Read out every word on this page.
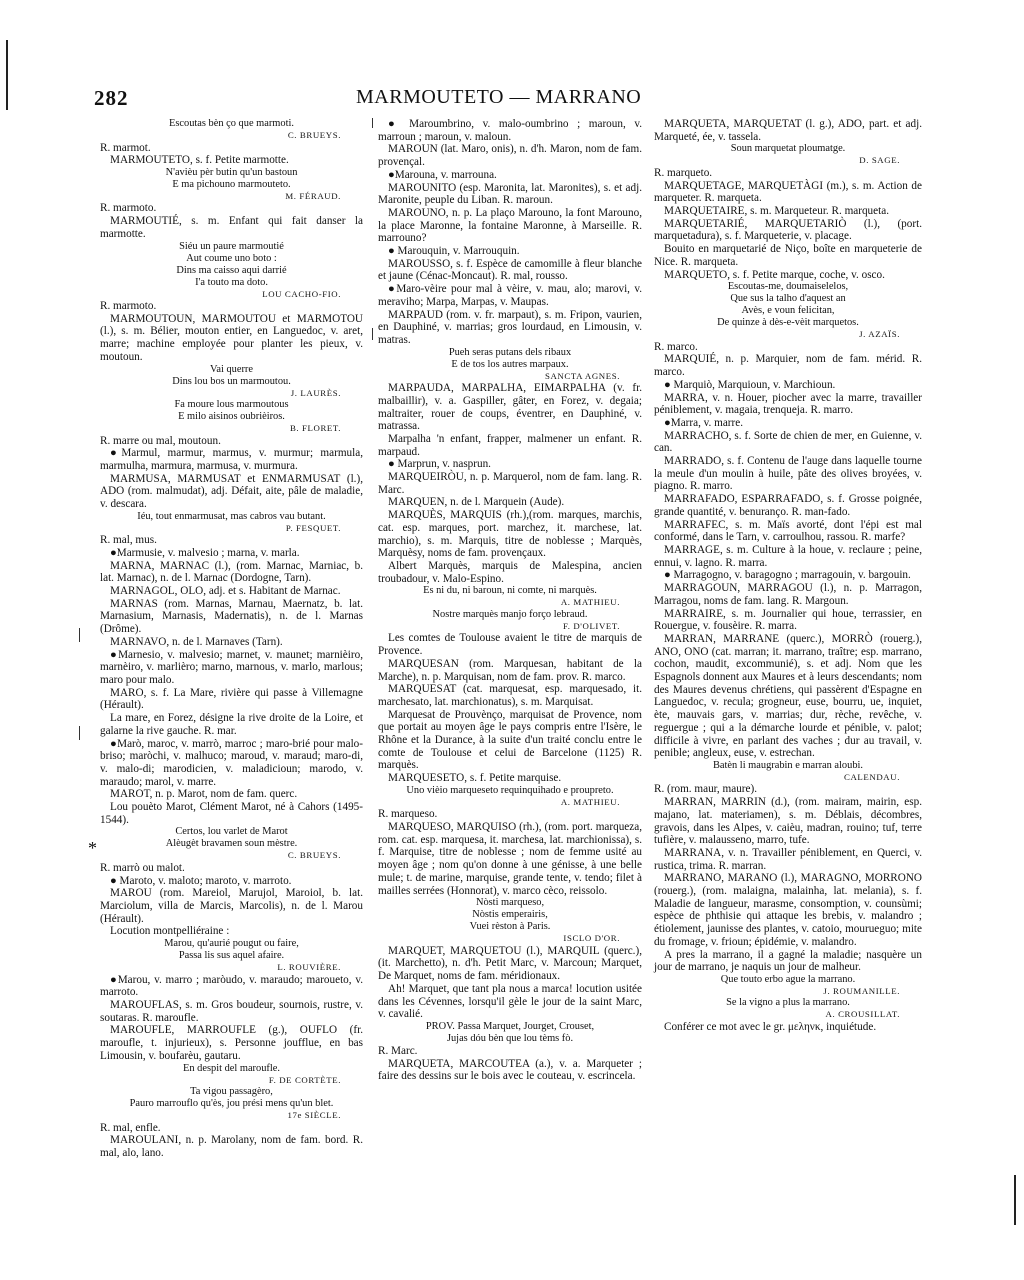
282	MARMOUTETO — MARRANO
*

Escoutas bèn ço que marmoti.

C. BRUEYS.

R. marmot.

MARMOUTETO, s. f. Petite marmotte.

N'avièu pèr butin qu'un bastoun

E ma pichouno marmouteto.

M. FÉRAUD.

R. marmoto.

MARMOUTIÉ, s. m. Enfant qui fait danser la marmotte.

Siéu un paure marmoutié

Aut coume uno boto :

Dins ma caisso aqui darrié

I'a touto ma doto.

LOU CACHO-FIO.

R. marmoto.

MARMOUTOUN, MARMOUTOU et MARMOTOU (l.), s. m. Bélier, mouton entier, en Languedoc, v. aret, marre; machine employée pour planter les pieux, v. moutoun.

Vai querre

Dins lou bos un marmoutou.

J. LAURÈS.

Fa moure lous marmoutous

E milo aisinos oubrièiros.

B. FLORET.

R. marre ou mal, moutoun.

●Marmul, marmur, marmus, v. murmur; marmula, marmulha, marmura, marmusa, v. murmura.

MARMUSA, MARMUSAT et ENMARMUSAT (l.), ADO (rom. malmudat), adj. Défait, aite, pâle de maladie, v. descara.

Iéu, tout enmarmusat, mas cabros vau butant.

P. FESQUET.

R. mal, mus.

●Marmusie, v. malvesio ; marna, v. marla.

MARNA, MARNAC (l.), (rom. Marnac, Marniac, b. lat. Marnac), n. de l. Marnac (Dordogne, Tarn).

MARNAGOL, OLO, adj. et s. Habitant de Marnac.

MARNAS (rom. Marnas, Marnau, Maernatz, b. lat. Marnasium, Marnasis, Madernatis), n. de l. Marnas (Drôme).

MARNAVO, n. de l. Marnaves (Tarn).

●Marnesio, v. malvesio; marnet, v. maunet; marnièiro, marnèiro, v. marlièro; marno, marnous, v. marlo, marlous; maro pour malo.

MARO, s. f. La Mare, rivière qui passe à Villemagne (Hérault).

La mare, en Forez, désigne la rive droite de la Loire, et galarne la rive gauche. R. mar.

●Marò, maroc, v. marrò, marroc ; maro-brié pour malo-briso; maròchi, v. malhuco; maroud, v. maraud; maro-di, v. malo-di; marodicien, v. maladicioun; marodo, v. maraudo; marol, v. marre.

MAROT, n. p. Marot, nom de fam. querc.

Lou pouèto Marot, Clément Marot, né à Cahors (1495-1544).

Certos, lou varlet de Marot

Alèugèt bravamen soun mèstre.

C. BRUEYS.

R. marrò ou malot.

● Maroto, v. maloto; maroto, v. marroto.

MAROU (rom. Mareiol, Marujol, Maroiol, b. lat. Marciolum, villa de Marcis, Marcolis), n. de l. Marou (Hérault).

Locution montpelliéraine :

Marou, qu'aurié pougut ou faire,

Passa lis sus aquel afaire.

L. ROUVIÈRE.

●Marou, v. marro ; maròudo, v. maraudo; maroueto, v. marroto.

MAROUFLAS, s. m. Gros boudeur, sournois, rustre, v. soutaras. R. maroufle.

MAROUFLE, MARROUFLE (g.), OUFLO (fr. maroufle, t. injurieux), s. Personne joufflue, en bas Limousin, v. boufarèu, gautaru.

En despit del maroufle.

F. DE CORTÈTE.

Ta vigou passagèro,

Pauro marrouflo qu'ès, jou prési mens qu'un blet.

17e SIÈCLE.

R. mal, enfle.

MAROULANI, n. p. Marolany, nom de fam. bord. R. mal, alo, lano.

● Maroumbrino, v. malo-oumbrino ; maroun, v. marroun ; maroun, v. maloun.

MAROUN (lat. Maro, onis), n. d'h. Maron, nom de fam. provençal.

●Marouna, v. marrouna.

MAROUNITO (esp. Maronita, lat. Maronites), s. et adj. Maronite, peuple du Liban. R. maroun.

MAROUNO, n. p. La plaço Marouno, la font Marouno, la place Maronne, la fontaine Maronne, à Marseille. R. marrouno?

● Marouquin, v. Marrouquin.

MAROUSSO, s. f. Espèce de camomille à fleur blanche et jaune (Cénac-Moncaut). R. mal, rousso.

●Maro-vèire pour mal à vèire, v. mau, alo; marovi, v. meraviho; Marpa, Marpas, v. Maupas.

MARPAUD (rom. v. fr. marpaut), s. m. Fripon, vaurien, en Dauphiné, v. marrias; gros lourdaud, en Limousin, v. matras.

Pueh seras putans dels ribaux

E de tos los autres marpaux.

SANCTA AGNES.

MARPAUDA, MARPALHA, EIMARPALHA (v. fr. malbaillir), v. a. Gaspiller, gâter, en Forez, v. degaia; maltraiter, rouer de coups, éventrer, en Dauphiné, v. matrassa.

Marpalha 'n enfant, frapper, malmener un enfant. R. marpaud.

● Marprun, v. nasprun.

MARQUEIRÒU, n. p. Marquerol, nom de fam. lang. R. Marc.

MARQUEN, n. de l. Marquein (Aude).

MARQUÈS, MARQUIS (rh.),(rom. marques, marchis, cat. esp. marques, port. marchez, it. marchese, lat. marchio), s. m. Marquis, titre de noblesse ; Marquès, Marquèsy, noms de fam. provençaux.

Albert Marquès, marquis de Malespina, ancien troubadour, v. Malo-Espino.

Es ni du, ni baroun, ni comte, ni marquès.

A. MATHIEU.

Nostre marquès manjo forço lebraud.

F. D'OLIVET.

Les comtes de Toulouse avaient le titre de marquis de Provence.

MARQUESAN (rom. Marquesan, habitant de la Marche), n. p. Marquisan, nom de fam. prov. R. marco.

MARQUESAT (cat. marquesat, esp. marquesado, it. marchesato, lat. marchionatus), s. m. Marquisat.

Marquesat de Prouvènço, marquisat de Provence, nom que portait au moyen âge le pays compris entre l'Isère, le Rhône et la Durance, à la suite d'un traité conclu entre le comte de Toulouse et celui de Barcelone (1125) R. marquès.

MARQUESETO, s. f. Petite marquise.

Uno vièio marqueseto requinquihado e proupreto.

A. MATHIEU.

R. marqueso.

MARQUESO, MARQUISO (rh.), (rom. port. marqueza, rom. cat. esp. marquesa, it. marchesa, lat. marchionissa), s. f. Marquise, titre de noblesse ; nom de femme usité au moyen âge ; nom qu'on donne à une génisse, à une belle mule; t. de marine, marquise, grande tente, v. tendo; filet à mailles serrées (Honnorat), v. marco cèco, reissolo.

Nòsti marqueso,

Nòstis emperairis,

Vuei rèston à Paris.

ISCLO D'OR.

MARQUET, MARQUETOU (l.), MARQUIL (querc.), (it. Marchetto), n. d'h. Petit Marc, v. Marcoun; Marquet, De Marquet, noms de fam. méridionaux.

Ah! Marquet, que tant pla nous a marca! locution usitée dans les Cévennes, lorsqu'il gèle le jour de la saint Marc, v. cavalié.

PROV. Passa Marquet, Jourget, Crouset,

Jujas dóu bèn que lou tèms fò.

R. Marc.

MARQUETA, MARCOUTEA (a.), v. a. Marqueter ; faire des dessins sur le bois avec le couteau, v. escrincela.

MARQUETA, MARQUETAT (l. g.), ADO, part. et adj. Marqueté, ée, v. tassela.

Soun marquetat ploumatge.

D. SAGE.

R. marqueto.

MARQUETAGE, MARQUETÀGI (m.), s. m. Action de marqueter. R. marqueta.

MARQUETAIRE, s. m. Marqueteur. R. marqueta.

MARQUETARIÉ, MARQUETARIÒ (l.), (port. marquetadura), s. f. Marqueterie, v. placage.

Bouito en marquetarié de Niço, boîte en marqueterie de Nice. R. marqueta.

MARQUETO, s. f. Petite marque, coche, v. osco.

Escoutas-me, doumaiselelos,

Que sus la talho d'aquest an

Avès, e voun felicitan,

De quinze à dès-e-vèit marquetos.

J. AZAÏS.

R. marco.

MARQUIÉ, n. p. Marquier, nom de fam. mérid. R. marco.

● Marquiò, Marquioun, v. Marchioun.

MARRA, v. n. Houer, piocher avec la marre, travailler péniblement, v. magaia, trenqueja. R. marro.

●Marra, v. marre.

MARRACHO, s. f. Sorte de chien de mer, en Guienne, v. can.

MARRADO, s. f. Contenu de l'auge dans laquelle tourne la meule d'un moulin à huile, pâte des olives broyées, v. piagno. R. marro.

MARRAFADO, ESPARRAFADO, s. f. Grosse poignée, grande quantité, v. benuranço. R. man-fado.

MARRAFEC, s. m. Maïs avorté, dont l'épi est mal conformé, dans le Tarn, v. carroulhou, rassou. R. marfe?

MARRAGE, s. m. Culture à la houe, v. reclaure ; peine, ennui, v. lagno. R. marra.

● Marragogno, v. baragogno ; marragouin, v. bargouin.

MARRAGOUN, MARRAGOU (l.), n. p. Marragon, Marragou, noms de fam. lang. R. Margoun.

MARRAIRE, s. m. Journalier qui houe, terrassier, en Rouergue, v. fousèire. R. marra.

MARRAN, MARRANE (querc.), MORRÒ (rouerg.), ANO, ONO (cat. marran; it. marrano, traître; esp. marrano, cochon, maudit, excommunié), s. et adj. Nom que les Espagnols donnent aux Maures et à leurs descendants; nom des Maures devenus chrétiens, qui passèrent d'Espagne en Languedoc, v. recula; grogneur, euse, bourru, ue, inquiet, ète, mauvais gars, v. marrias; dur, rèche, revêche, v. reguergue ; qui a la démarche lourde et pénible, v. palot; difficile à vivre, en parlant des vaches ; dur au travail, v. penible; angleux, euse, v. estrechan.

Batèn li maugrabin e marran aloubi.

CALENDAU.

R. (rom. maur, maure).

MARRAN, MARRIN (d.), (rom. mairam, mairin, esp. majano, lat. materiamen), s. m. Déblais, décombres, gravois, dans les Alpes, v. caièu, madran, rouino; tuf, terre tufière, v. malausseno, marro, tufe.

MARRANA, v. n. Travailler péniblement, en Querci, v. rustica, trima. R. marran.

MARRANO, MARANO (l.), MARAGNO, MORRONO (rouerg.), (rom. malaigna, malainha, lat. melania), s. f. Maladie de langueur, marasme, consomption, v. counsùmi; espèce de phthisie qui attaque les brebis, v. malandro ; étiolement, jaunisse des plantes, v. catoio, mourueguo; mite du fromage, v. frioun; épidémie, v. malandro.

A pres la marrano, il a gagné la maladie; nasquère un jour de marrano, je naquis un jour de malheur.

Que touto erbo ague la marrano.

J. ROUMANILLE.

Se la vigno a plus la marrano.

A. CROUSILLAT.

Conférer ce mot avec le gr. μεληνκ, inquiétude.
